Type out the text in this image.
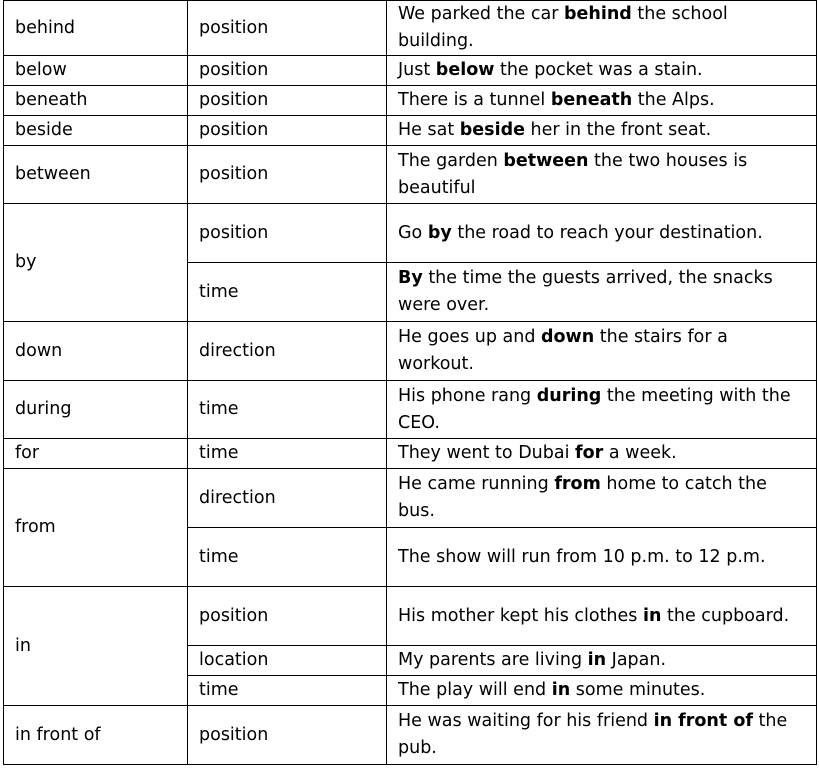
behind	position	We parked the car behind the school building.
below	position	Just below the pocket was a stain.
beneath	position	There is a tunnel beneath the Alps.
beside	position	He sat beside her in the front seat.
between	position	The garden between the two houses is beautiful
by	position	Go by the road to reach your destination.
	time	By the time the guests arrived, the snacks were over.
down	direction	He goes up and down the stairs for a workout.
during	time	His phone rang during the meeting with the CEO.
for	time	They went to Dubai for a week.
from	direction	He came running from home to catch the bus.
	time	The show will run from 10 p.m. to 12 p.m.
in	position	His mother kept his clothes in the cupboard.
	location	My parents are living in Japan.
	time	The play will end in some minutes.
in front of	position	He was waiting for his friend in front of the pub.
